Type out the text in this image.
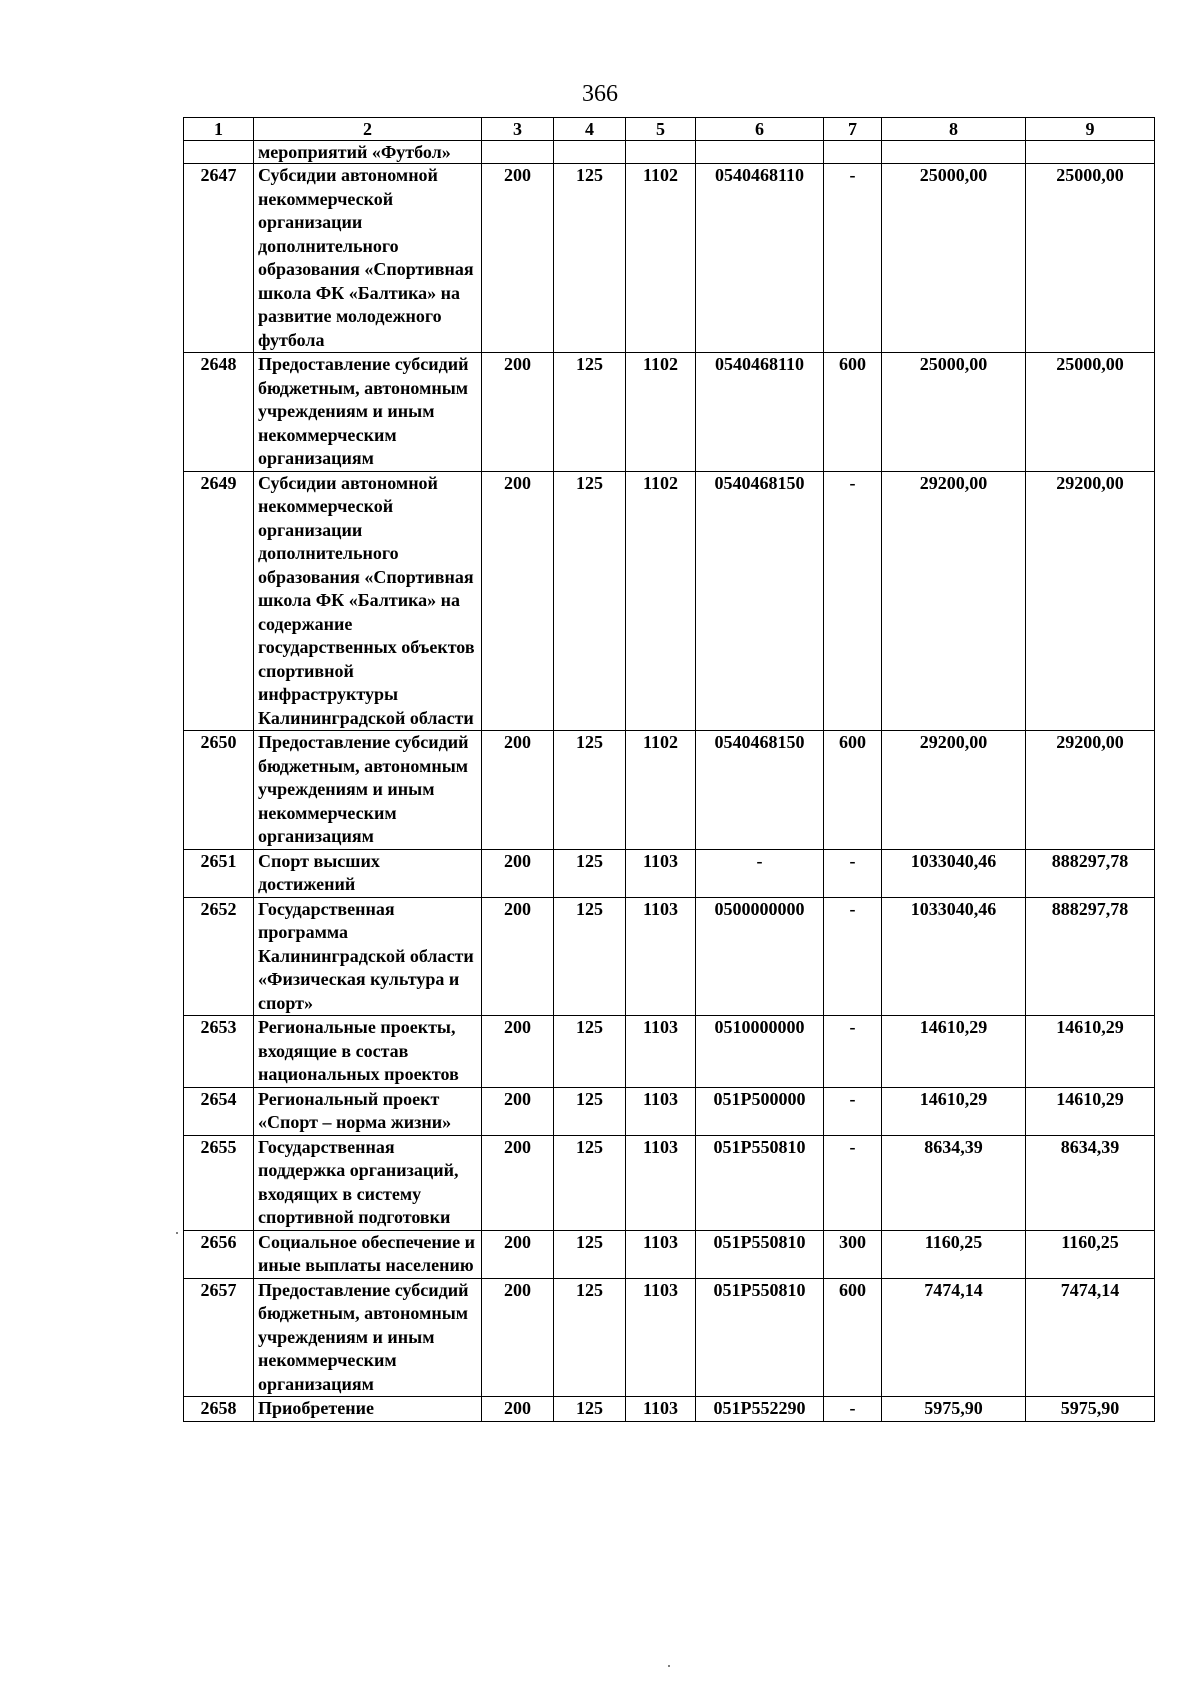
366
1	2	3	4	5	6	7	8	9
	мероприятий «Футбол»							
2647	Субсидии автономной некоммерческой организации дополнительного образования «Спортивная школа ФК «Балтика» на развитие молодежного футбола	200	125	1102	0540468110	-	25000,00	25000,00
2648	Предоставление субсидий бюджетным, автономным учреждениям и иным некоммерческим организациям	200	125	1102	0540468110	600	25000,00	25000,00
2649	Субсидии автономной некоммерческой организации дополнительного образования «Спортивная школа ФК «Балтика» на содержание государственных объектов спортивной инфраструктуры Калининградской области	200	125	1102	0540468150	-	29200,00	29200,00
2650	Предоставление субсидий бюджетным, автономным учреждениям и иным некоммерческим организациям	200	125	1102	0540468150	600	29200,00	29200,00
2651	Спорт высших достижений	200	125	1103	-	-	1033040,46	888297,78
2652	Государственная программа Калининградской области «Физическая культура и спорт»	200	125	1103	0500000000	-	1033040,46	888297,78
2653	Региональные проекты, входящие в состав национальных проектов	200	125	1103	0510000000	-	14610,29	14610,29
2654	Региональный проект «Спорт – норма жизни»	200	125	1103	051P500000	-	14610,29	14610,29
2655	Государственная поддержка организаций, входящих в систему спортивной подготовки	200	125	1103	051P550810	-	8634,39	8634,39
2656	Социальное обеспечение и иные выплаты населению	200	125	1103	051P550810	300	1160,25	1160,25
2657	Предоставление субсидий бюджетным, автономным учреждениям и иным некоммерческим организациям	200	125	1103	051P550810	600	7474,14	7474,14
2658	Приобретение	200	125	1103	051P552290	-	5975,90	5975,90
